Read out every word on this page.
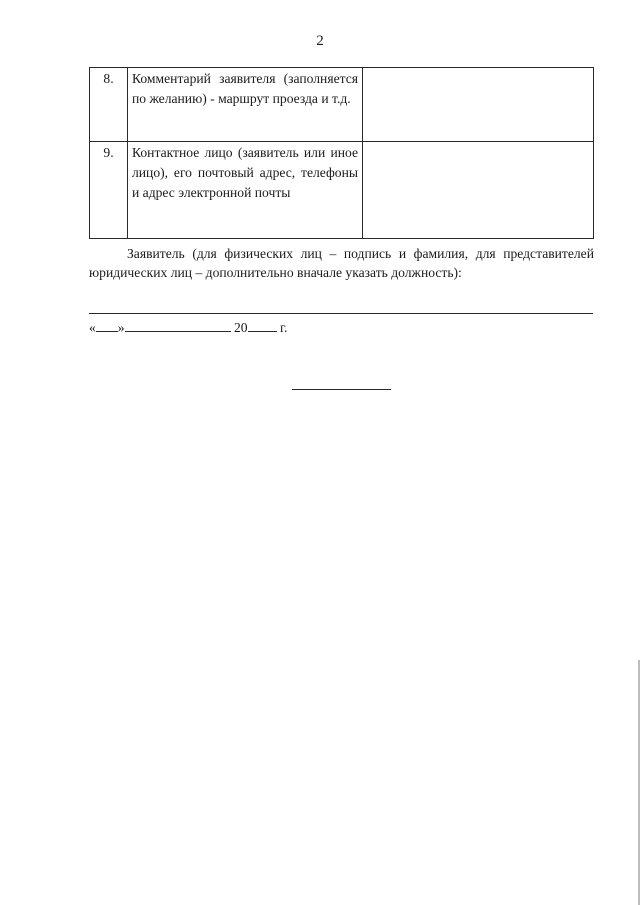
2
8.	Комментарий заявителя (заполняется по желанию) - маршрут проезда и т.д.	
9.	Контактное лицо (заявитель или иное лицо), его почтовый адрес, телефоны и адрес электронной почты	
Заявитель (для физических лиц – подпись и фамилия, для представителей юридических лиц – дополнительно вначале указать должность):
« »	20 г.
